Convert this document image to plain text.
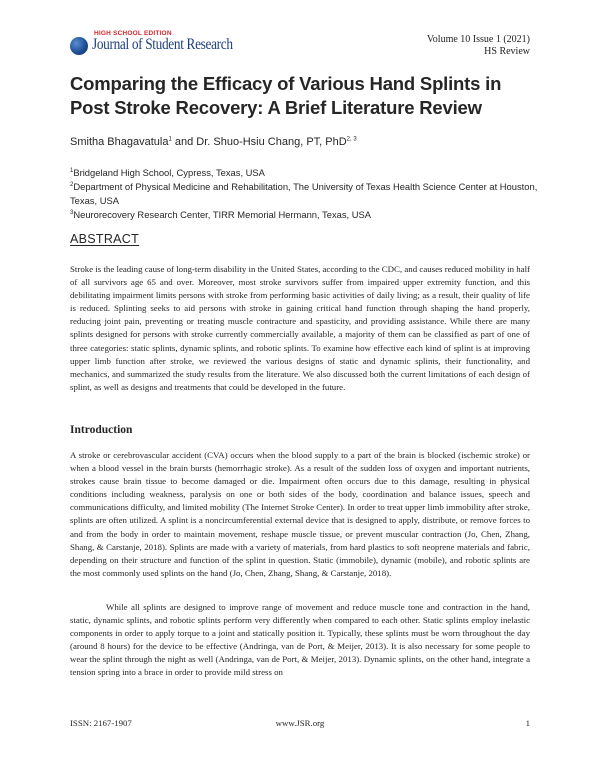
HIGH SCHOOL EDITION
Journal of Student Research	Volume 10 Issue 1 (2021)
HS Review
Comparing the Efficacy of Various Hand Splints in Post Stroke Recovery: A Brief Literature Review
Smitha Bhagavatula$^1$ and Dr. Shuo-Hsiu Chang, PT, PhD$^{2, 3}$
$^1$Bridgeland High School, Cypress, Texas, USA
$^2$Department of Physical Medicine and Rehabilitation, The University of Texas Health Science Center at Houston, Texas, USA
$^3$Neurorecovery Research Center, TIRR Memorial Hermann, Texas, USA
ABSTRACT
Stroke is the leading cause of long-term disability in the United States, according to the CDC, and causes reduced mobility in half of all survivors age 65 and over. Moreover, most stroke survivors suffer from impaired upper extremity function, and this debilitating impairment limits persons with stroke from performing basic activities of daily living; as a result, their quality of life is reduced. Splinting seeks to aid persons with stroke in gaining critical hand function through shaping the hand properly, reducing joint pain, preventing or treating muscle contracture and spasticity, and providing assistance. While there are many splints designed for persons with stroke currently commercially available, a majority of them can be classified as part of one of three categories: static splints, dynamic splints, and robotic splints. To examine how effective each kind of splint is at improving upper limb function after stroke, we reviewed the various designs of static and dynamic splints, their functionality, and mechanics, and summarized the study results from the literature. We also discussed both the current limitations of each design of splint, as well as designs and treatments that could be developed in the future.
Introduction
A stroke or cerebrovascular accident (CVA) occurs when the blood supply to a part of the brain is blocked (ischemic stroke) or when a blood vessel in the brain bursts (hemorrhagic stroke). As a result of the sudden loss of oxygen and important nutrients, strokes cause brain tissue to become damaged or die. Impairment often occurs due to this damage, resulting in physical conditions including weakness, paralysis on one or both sides of the body, coordination and balance issues, speech and communications difficulty, and limited mobility (The Internet Stroke Center). In order to treat upper limb immobility after stroke, splints are often utilized. A splint is a noncircumferential external device that is designed to apply, distribute, or remove forces to and from the body in order to maintain movement, reshape muscle tissue, or prevent muscular contraction (Jo, Chen, Zhang, Shang, & Carstanje, 2018). Splints are made with a variety of materials, from hard plastics to soft neoprene materials and fabric, depending on their structure and function of the splint in question. Static (immobile), dynamic (mobile), and robotic splints are the most commonly used splints on the hand (Jo, Chen, Zhang, Shang, & Carstanje, 2018).
While all splints are designed to improve range of movement and reduce muscle tone and contraction in the hand, static, dynamic splints, and robotic splints perform very differently when compared to each other. Static splints employ inelastic components in order to apply torque to a joint and statically position it. Typically, these splints must be worn throughout the day (around 8 hours) for the device to be effective (Andringa, van de Port, & Meijer, 2013). It is also necessary for some people to wear the splint through the night as well (Andringa, van de Port, & Meijer, 2013). Dynamic splints, on the other hand, integrate a tension spring into a brace in order to provide mild stress on
ISSN: 2167-1907	www.JSR.org	1
